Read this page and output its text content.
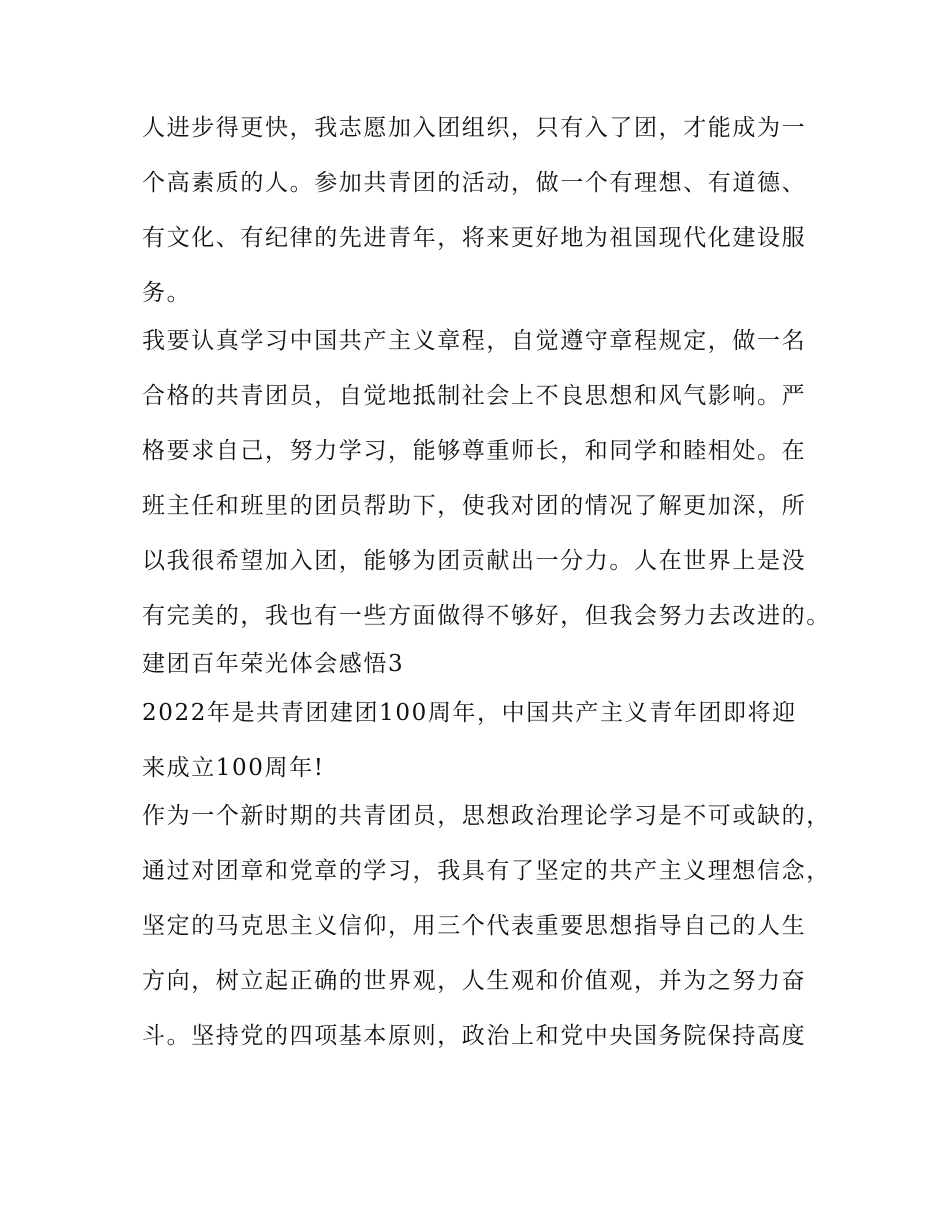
人进步得更快，我志愿加入团组织，只有入了团，才能成为一
个高素质的人。参加共青团的活动，做一个有理想、有道德、
有文化、有纪律的先进青年，将来更好地为祖国现代化建设服
务。
我要认真学习中国共产主义章程，自觉遵守章程规定，做一名
合格的共青团员，自觉地抵制社会上不良思想和风气影响。严
格要求自己，努力学习，能够尊重师长，和同学和睦相处。在
班主任和班里的团员帮助下，使我对团的情况了解更加深，所
以我很希望加入团，能够为团贡献出一分力。人在世界上是没
有完美的，我也有一些方面做得不够好，但我会努力去改进的。
建团百年荣光体会感悟3
2022年是共青团建团100周年，中国共产主义青年团即将迎
来成立100周年!
作为一个新时期的共青团员，思想政治理论学习是不可或缺的，
通过对团章和党章的学习，我具有了坚定的共产主义理想信念，
坚定的马克思主义信仰，用三个代表重要思想指导自己的人生
方向，树立起正确的世界观，人生观和价值观，并为之努力奋
斗。坚持党的四项基本原则，政治上和党中央国务院保持高度
